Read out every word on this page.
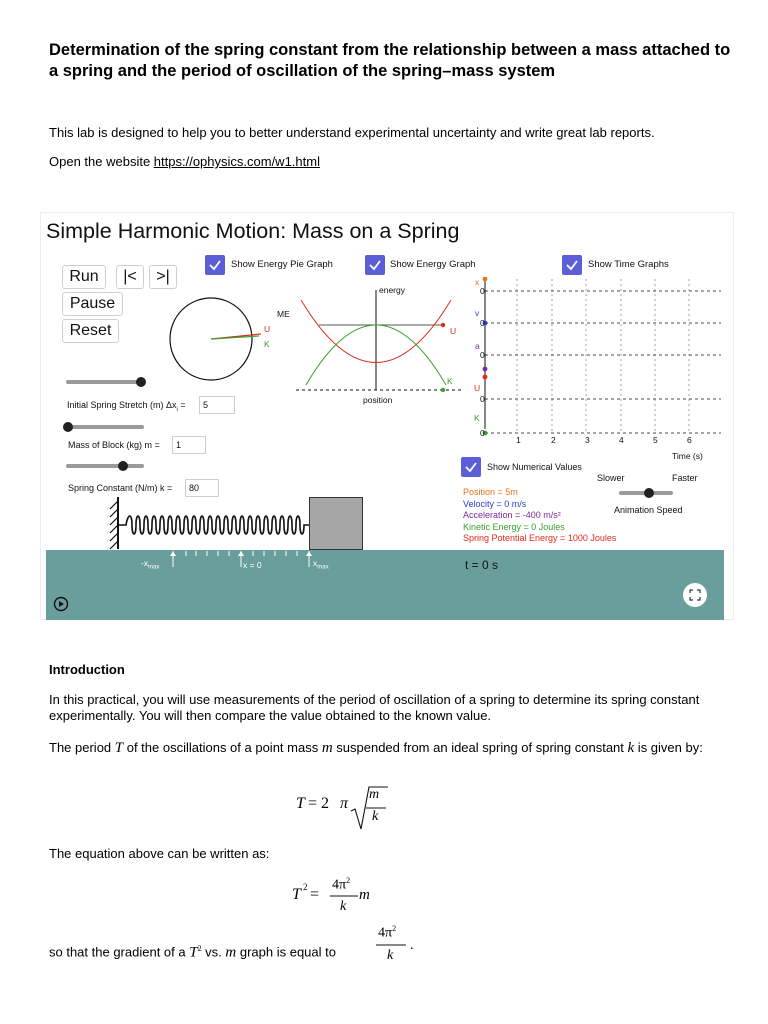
Determination of the spring constant from the relationship between a mass attached to a spring and the period of oscillation of the spring–mass system
This lab is designed to help you to better understand experimental uncertainty and write great lab reports.
Open the website https://ophysics.com/w1.html
Simple Harmonic Motion: Mass on a Spring
Run	|<	>|
Pause
Reset
Show Energy Pie Graph	Show Energy Graph	Show Time Graphs
U
K
ME
energy
position
U
K
x
v
a
U
K
0
0
0
0
0
1	2	3	4	5	6
Time (s)
Initial Spring Stretch (m) $\Delta x_i$ =	5
Mass of Block (kg) m =	1
Spring Constant (N/m) k =	80
Show Numerical Values
Position = 5m
Velocity = 0 m/s
Acceleration = -400 m/s²
Kinetic Energy = 0 Joules
Spring Potential Energy = 1000 Joules
Slower	Faster
Animation Speed
$-x_{max}$	x = 0	$x_{max}$	t = 0 s
Introduction
In this practical, you will use measurements of the period of oscillation of a spring to determine its spring constant experimentally. You will then compare the value obtained to the known value.
The period T of the oscillations of a point mass m suspended from an ideal spring of spring constant k is given by:
T = 2 π
m
k
The equation above can be written as:
T 2 =
$4\pi^2$
k
m
so that the gradient of a $T^2$ vs. m graph is equal to
$4\pi^2$
k
.
